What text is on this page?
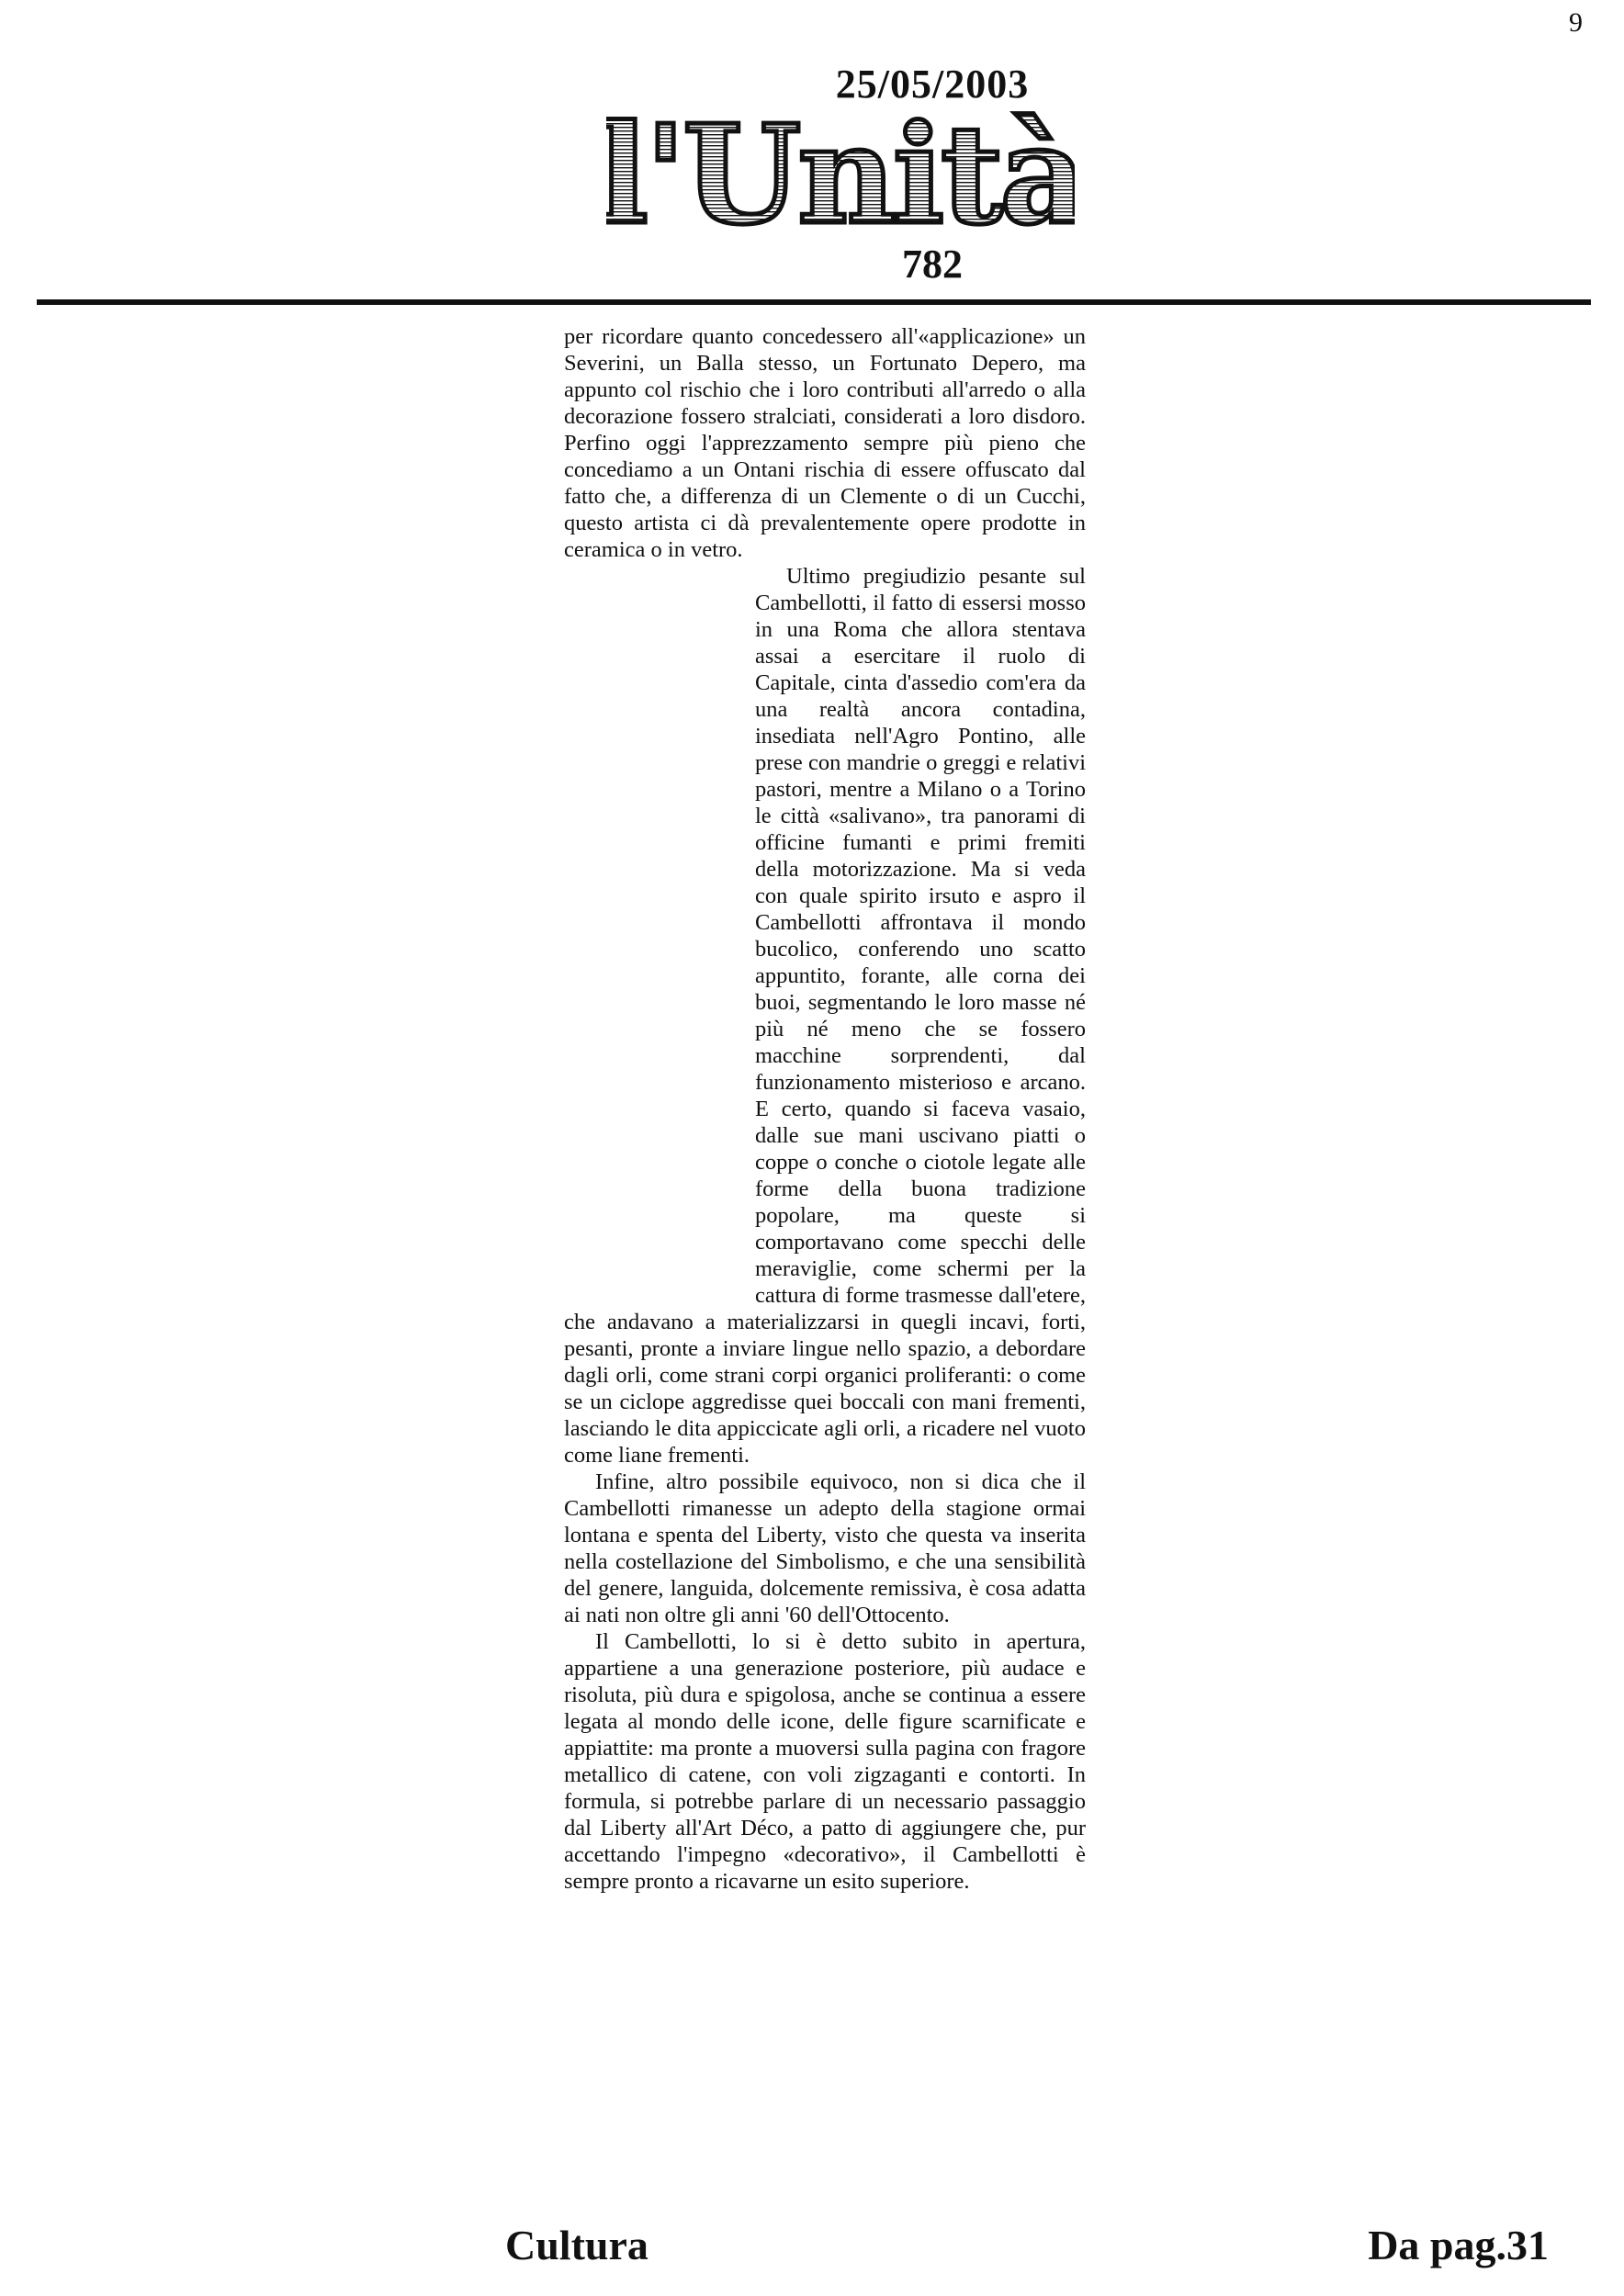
9
25/05/2003
l'Unità
782

per ricordare quanto concedessero all'«applicazione» un Severini, un Balla stesso, un Fortunato Depero, ma appunto col rischio che i loro contributi all'arredo o alla decorazione fossero stralciati, considerati a loro disdoro. Perfino oggi l'apprezzamento sempre più pieno che concediamo a un Ontani rischia di essere offuscato dal fatto che, a differenza di un Clemente o di un Cucchi, questo artista ci dà prevalentemente opere prodotte in ceramica o in vetro.

Ultimo pregiudizio pesante sul Cambellotti, il fatto di essersi mosso in una Roma che allora stentava assai a esercitare il ruolo di Capitale, cinta d'assedio com'era da una realtà ancora contadina, insediata nell'Agro Pontino, alle prese con mandrie o greggi e relativi pastori, mentre a Milano o a Torino le città «salivano», tra panorami di officine fumanti e primi fremiti della motorizzazione. Ma si veda con quale spirito irsuto e aspro il Cambellotti affrontava il mondo bucolico, conferendo uno scatto appuntito, forante, alle corna dei buoi, segmentando le loro masse né più né meno che se fossero macchine sorprendenti, dal funzionamento misterioso e arcano. E certo, quando si faceva vasaio, dalle sue mani uscivano piatti o coppe o conche o ciotole legate alle forme della buona tradizione popolare, ma queste si comportavano come specchi delle meraviglie, come schermi per la cattura di forme trasmesse dall'etere, che andavano a materializzarsi in quegli incavi, forti, pesanti, pronte a inviare lingue nello spazio, a debordare dagli orli, come strani corpi organici proliferanti: o come se un ciclope aggredisse quei boccali con mani frementi, lasciando le dita appiccicate agli orli, a ricadere nel vuoto come liane frementi.

Infine, altro possibile equivoco, non si dica che il Cambellotti rimanesse un adepto della stagione ormai lontana e spenta del Liberty, visto che questa va inserita nella costellazione del Simbolismo, e che una sensibilità del genere, languida, dolcemente remissiva, è cosa adatta ai nati non oltre gli anni '60 dell'Ottocento.

Il Cambellotti, lo si è detto subito in apertura, appartiene a una generazione posteriore, più audace e risoluta, più dura e spigolosa, anche se continua a essere legata al mondo delle icone, delle figure scarnificate e appiattite: ma pronte a muoversi sulla pagina con fragore metallico di catene, con voli zigzaganti e contorti. In formula, si potrebbe parlare di un necessario passaggio dal Liberty all'Art Déco, a patto di aggiungere che, pur accettando l'impegno «decorativo», il Cambellotti è sempre pronto a ricavarne un esito superiore.

Cultura	Da pag.31
